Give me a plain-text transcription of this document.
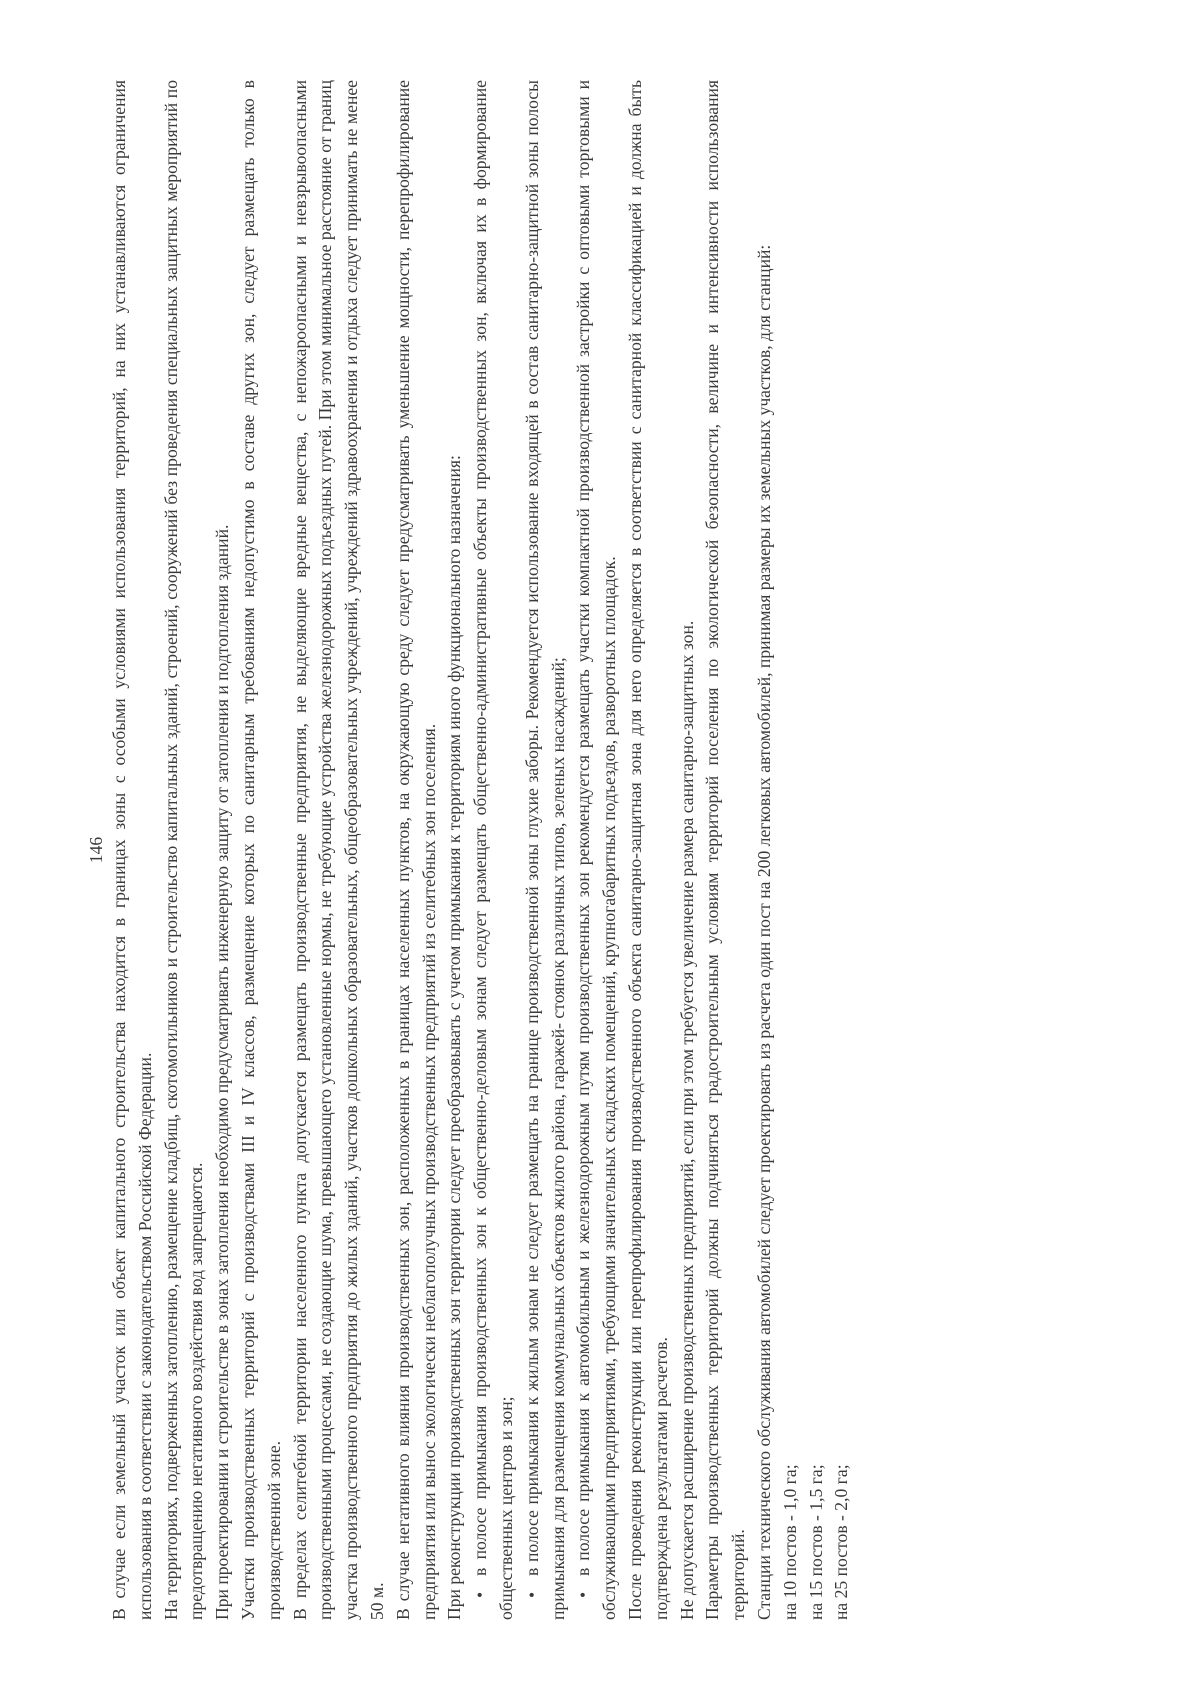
146 В случае если земельный участок или объект капитального строительства находится в границах зоны с особыми условиями использования территорий, на них устанавливаются ограничения использования в соответствии с законодательством Российской Федерации. На территориях, подверженных затоплению, размещение кладбищ, скотомогильников и строительство капитальных зданий, строений, сооружений без проведения специальных защитных мероприятий по предотвращению негативного воздействия вод запрещаются. При проектировании и строительстве в зонах затопления необходимо предусматривать инженерную защиту от затопления и подтопления зданий. Участки производственных территорий с производствами III и IV классов, размещение которых по санитарным требованиям недопустимо в составе других зон, следует размещать только в производственной зоне. В пределах селитебной территории населенного пункта допускается размещать производственные предприятия, не выделяющие вредные вещества, с непожароопасными и невзрывоопасными производственными процессами, не создающие шума, превышающего установленные нормы, не требующие устройства железнодорожных подъездных путей. При этом минимальное расстояние от границ участка производственного предприятия до жилых зданий, участков дошкольных образовательных, общеобразовательных учреждений, учреждений здравоохранения и отдыха следует принимать не менее 50 м. В случае негативного влияния производственных зон, расположенных в границах населенных пунктов, на окружающую среду следует предусматривать уменьшение мощности, перепрофилирование предприятия или вынос экологически неблагополучных производственных предприятий из селитебных зон поселения. При реконструкции производственных зон территории следует преобразовывать с учетом примыкания к территориям иного функционального назначения: •в полосе примыкания производственных зон к общественно-деловым зонам следует размещать общественно-административные объекты производственных зон, включая их в формирование общественных центров и зон; •в полосе примыкания к жилым зонам не следует размещать на границе производственной зоны глухие заборы. Рекомендуется использование входящей в состав санитарно-защитной зоны полосы примыкания для размещения коммунальных объектов жилого района, гаражей- стоянок различных типов, зеленых насаждений; •в полосе примыкания к автомобильным и железнодорожным путям производственных зон рекомендуется размещать участки компактной производственной застройки с оптовыми торговыми и обслуживающими предприятиями, требующими значительных складских помещений, крупногабаритных подъездов, разворотных площадок. После проведения реконструкции или перепрофилирования производственного объекта санитарно-защитная зона для него определяется в соответствии с санитарной классификацией и должна быть подтверждена результатами расчетов. Не допускается расширение производственных предприятий, если при этом требуется увеличение размера санитарно-защитных зон. Параметры производственных территорий должны подчиняться градостроительным условиям территорий поселения по экологической безопасности, величине и интенсивности использования территорий. Станции технического обслуживания автомобилей следует проектировать из расчета один пост на 200 легковых автомобилей, принимая размеры их земельных участков, для станций: на 10 постов - 1,0 га; на 15 постов - 1,5 га; на 25 постов - 2,0 га;
